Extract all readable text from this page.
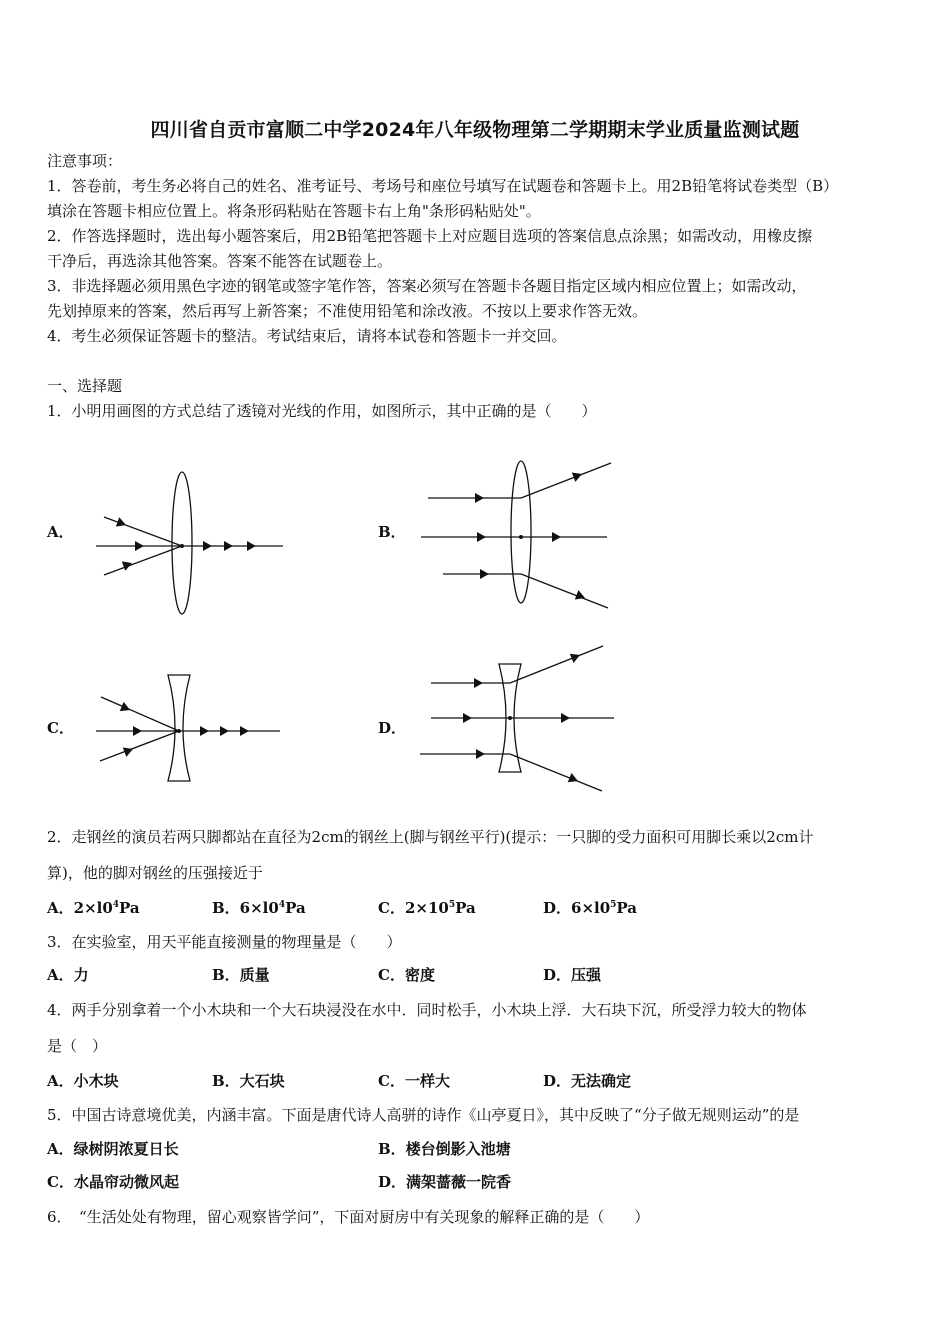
四川省自贡市富顺二中学2024年八年级物理第二学期期末学业质量监测试题
注意事项：
1．答卷前，考生务必将自己的姓名、准考证号、考场号和座位号填写在试题卷和答题卡上。用2B铅笔将试卷类型（B）
填涂在答题卡相应位置上。将条形码粘贴在答题卡右上角"条形码粘贴处"。
2．作答选择题时，选出每小题答案后，用2B铅笔把答题卡上对应题目选项的答案信息点涂黑；如需改动，用橡皮擦
干净后，再选涂其他答案。答案不能答在试题卷上。
3．非选择题必须用黑色字迹的钢笔或签字笔作答，答案必须写在答题卡各题目指定区域内相应位置上；如需改动，
先划掉原来的答案，然后再写上新答案；不准使用铅笔和涂改液。不按以上要求作答无效。
4．考生必须保证答题卡的整洁。考试结束后，请将本试卷和答题卡一并交回。
一、选择题
1．小明用画图的方式总结了透镜对光线的作用，如图所示，其中正确的是（　　）
A．	B．
C．	D．
2．走钢丝的演员若两只脚都站在直径为2cm的钢丝上(脚与钢丝平行)(提示：一只脚的受力面积可用脚长乘以2cm计
算)，他的脚对钢丝的压强接近于
A．$2\times l0^4Pa$	B．$6\times l0^4Pa$	C．$2\times 10^5Pa$	D．$6\times l0^5Pa$
3．在实验室，用天平能直接测量的物理量是（　　）
A．力	B．质量	C．密度	D．压强
4．两手分别拿着一个小木块和一个大石块浸没在水中．同时松手，小木块上浮．大石块下沉，所受浮力较大的物体
是（　）
A．小木块	B．大石块	C．一样大	D．无法确定
5．中国古诗意境优美，内涵丰富。下面是唐代诗人高骈的诗作《山亭夏日》，其中反映了“分子做无规则运动”的是
A．绿树阴浓夏日长	B．楼台倒影入池塘
C．水晶帘动微风起	D．满架蔷薇一院香
6．　“生活处处有物理，留心观察皆学问”，下面对厨房中有关现象的解释正确的是（　　）
